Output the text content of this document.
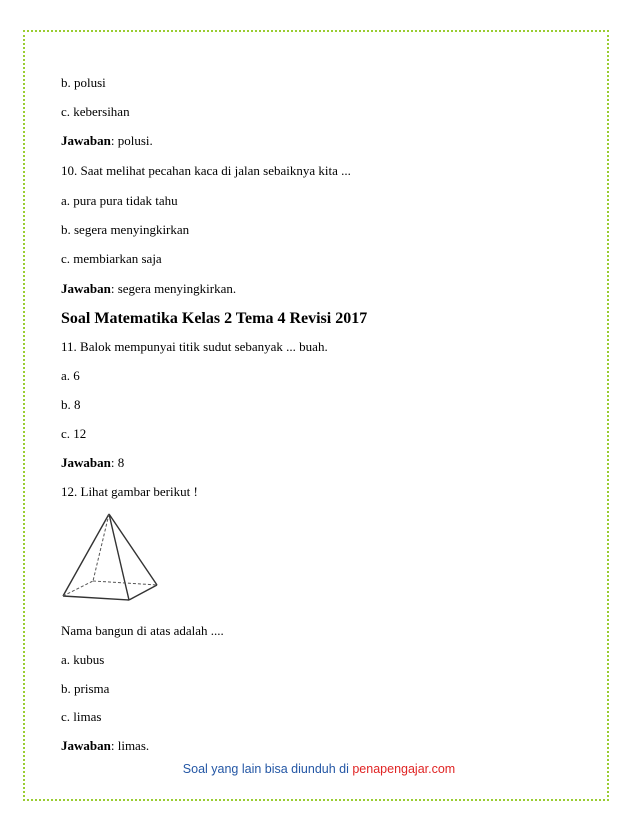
b. polusi
c. kebersihan
Jawaban: polusi.
10. Saat melihat pecahan kaca di jalan sebaiknya kita ...
a. pura pura tidak tahu
b. segera menyingkirkan
c. membiarkan saja
Jawaban: segera menyingkirkan.
Soal Matematika Kelas 2 Tema 4 Revisi 2017
11. Balok mempunyai titik sudut sebanyak ... buah.
a. 6
b. 8
c. 12
Jawaban: 8
12. Lihat gambar berikut !
Nama bangun di atas adalah ....
a. kubus
b. prisma
c. limas
Jawaban: limas.
Soal yang lain bisa diunduh di penapengajar.com
